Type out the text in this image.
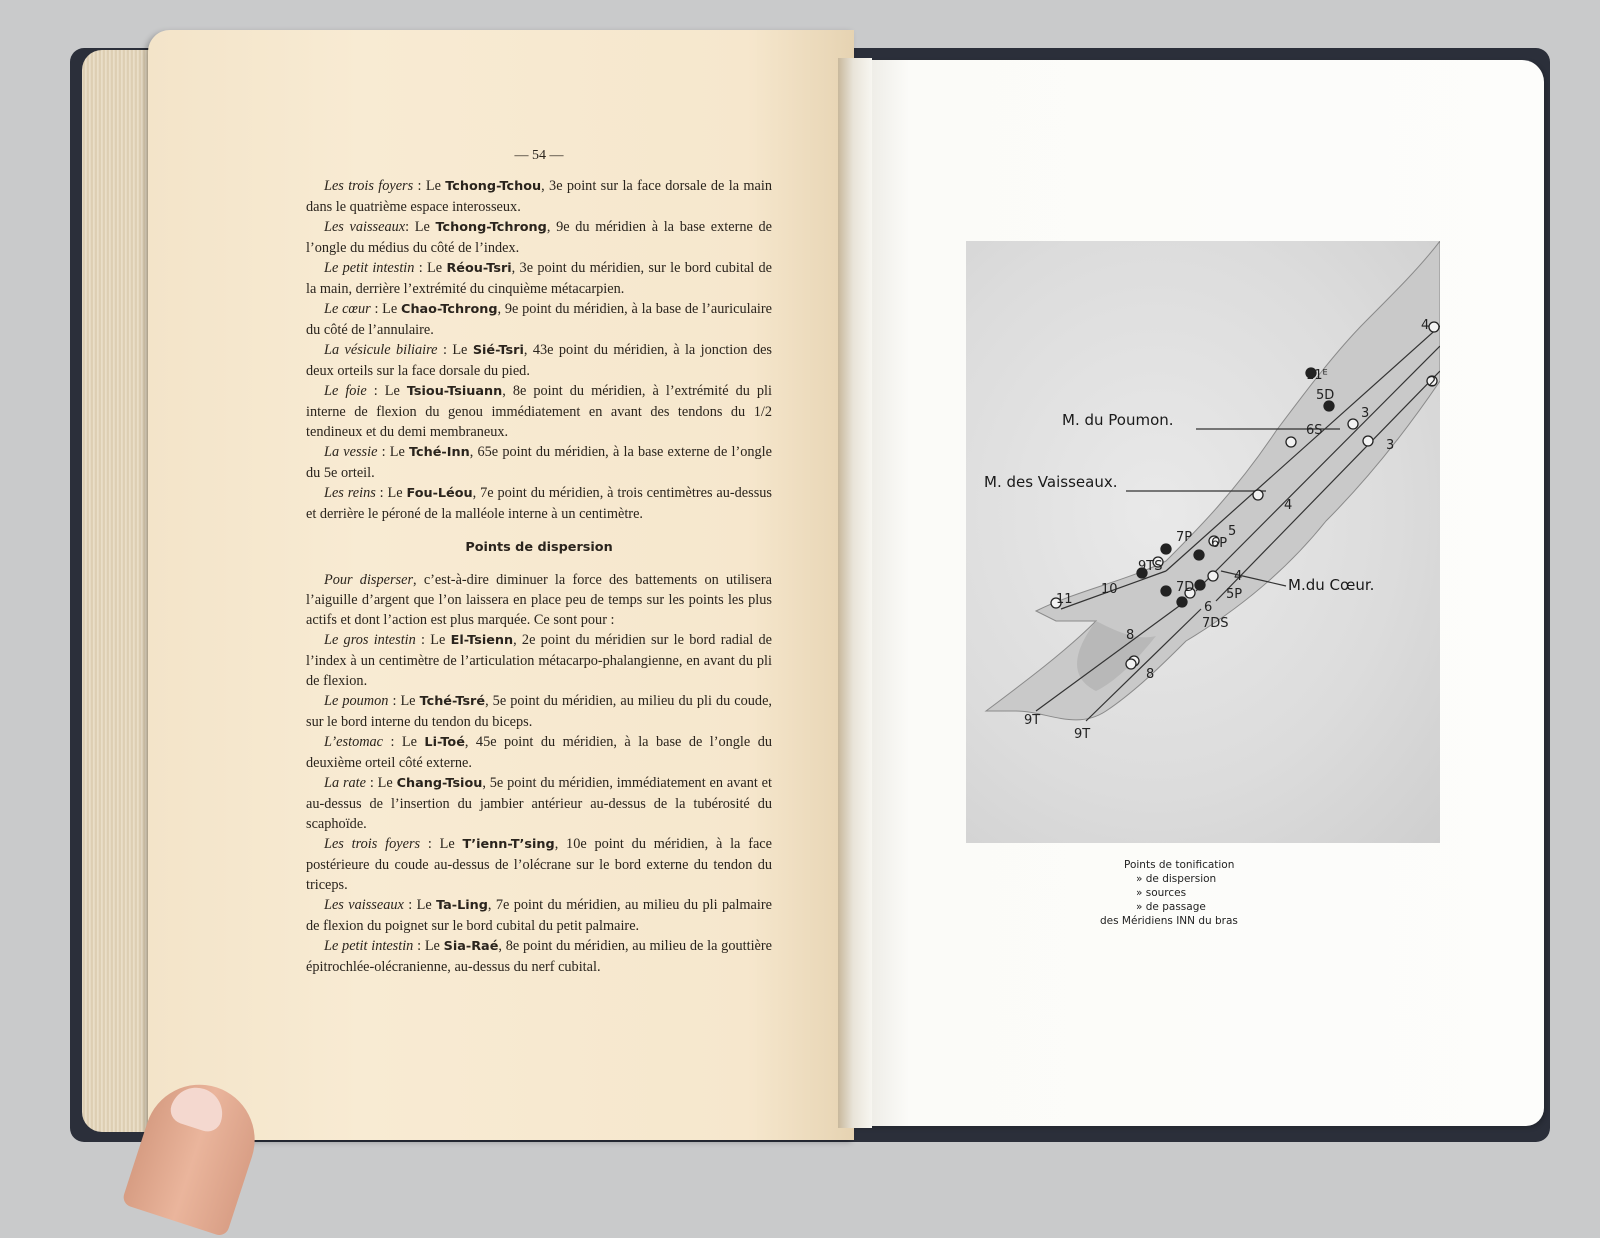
— 54 —

Les trois foyers : Le Tchong-Tchou, 3e point sur la face dorsale de la main dans le quatrième espace interosseux.

Les vaisseaux: Le Tchong-Tchrong, 9e du méridien à la base externe de l’ongle du médius du côté de l’index.

Le petit intestin : Le Réou-Tsri, 3e point du méridien, sur le bord cubital de la main, derrière l’extrémité du cinquième métacarpien.

Le cœur : Le Chao-Tchrong, 9e point du méridien, à la base de l’auriculaire du côté de l’annulaire.

La vésicule biliaire : Le Sié-Tsri, 43e point du méridien, à la jonction des deux orteils sur la face dorsale du pied.

Le foie : Le Tsiou-Tsiuann, 8e point du méridien, à l’extrémité du pli interne de flexion du genou immédiatement en avant des tendons du 1/2 tendineux et du demi membraneux.

La vessie : Le Tché-Inn, 65e point du méridien, à la base externe de l’ongle du 5e orteil.

Les reins : Le Fou-Léou, 7e point du méridien, à trois centimètres au-dessus et derrière le péroné de la malléole interne à un centimètre.

Points de dispersion

Pour disperser, c’est-à-dire diminuer la force des battements on utilisera l’aiguille d’argent que l’on laissera en place peu de temps sur les points les plus actifs et dont l’action est plus marquée. Ce sont pour :

Le gros intestin : Le El-Tsienn, 2e point du méridien sur le bord radial de l’index à un centimètre de l’articulation métacarpo-phalangienne, en avant du pli de flexion.

Le poumon : Le Tché-Tsré, 5e point du méridien, au milieu du pli du coude, sur le bord interne du tendon du biceps.

L’estomac : Le Li-Toé, 45e point du méridien, à la base de l’ongle du deuxième orteil côté externe.

La rate : Le Chang-Tsiou, 5e point du méridien, immédiatement en avant et au-dessus de l’insertion du jambier antérieur au-dessus de la tubérosité du scaphoïde.

Les trois foyers : Le T’ienn-T’sing, 10e point du méridien, à la face postérieure du coude au-dessus de l’olécrane sur le bord externe du tendon du triceps.

Les vaisseaux : Le Ta-Ling, 7e point du méridien, au milieu du pli palmaire de flexion du poignet sur le bord cubital du petit palmaire.

Le petit intestin : Le Sia-Raé, 8e point du méridien, au milieu de la gouttière épitrochlée-olécranienne, au-dessus du nerf cubital.

11ᴱ
4
2
5D
3
6S
3
4
7P	5
8	6P
9TS
7D
4
5P
6
7DS
11
10
8
8
9T
9T
M. du Poumon.
M. des Vaisseaux.
M.du Cœur.
Points de tonification
» de dispersion
» sources
» de passage
des Méridiens INN du bras
